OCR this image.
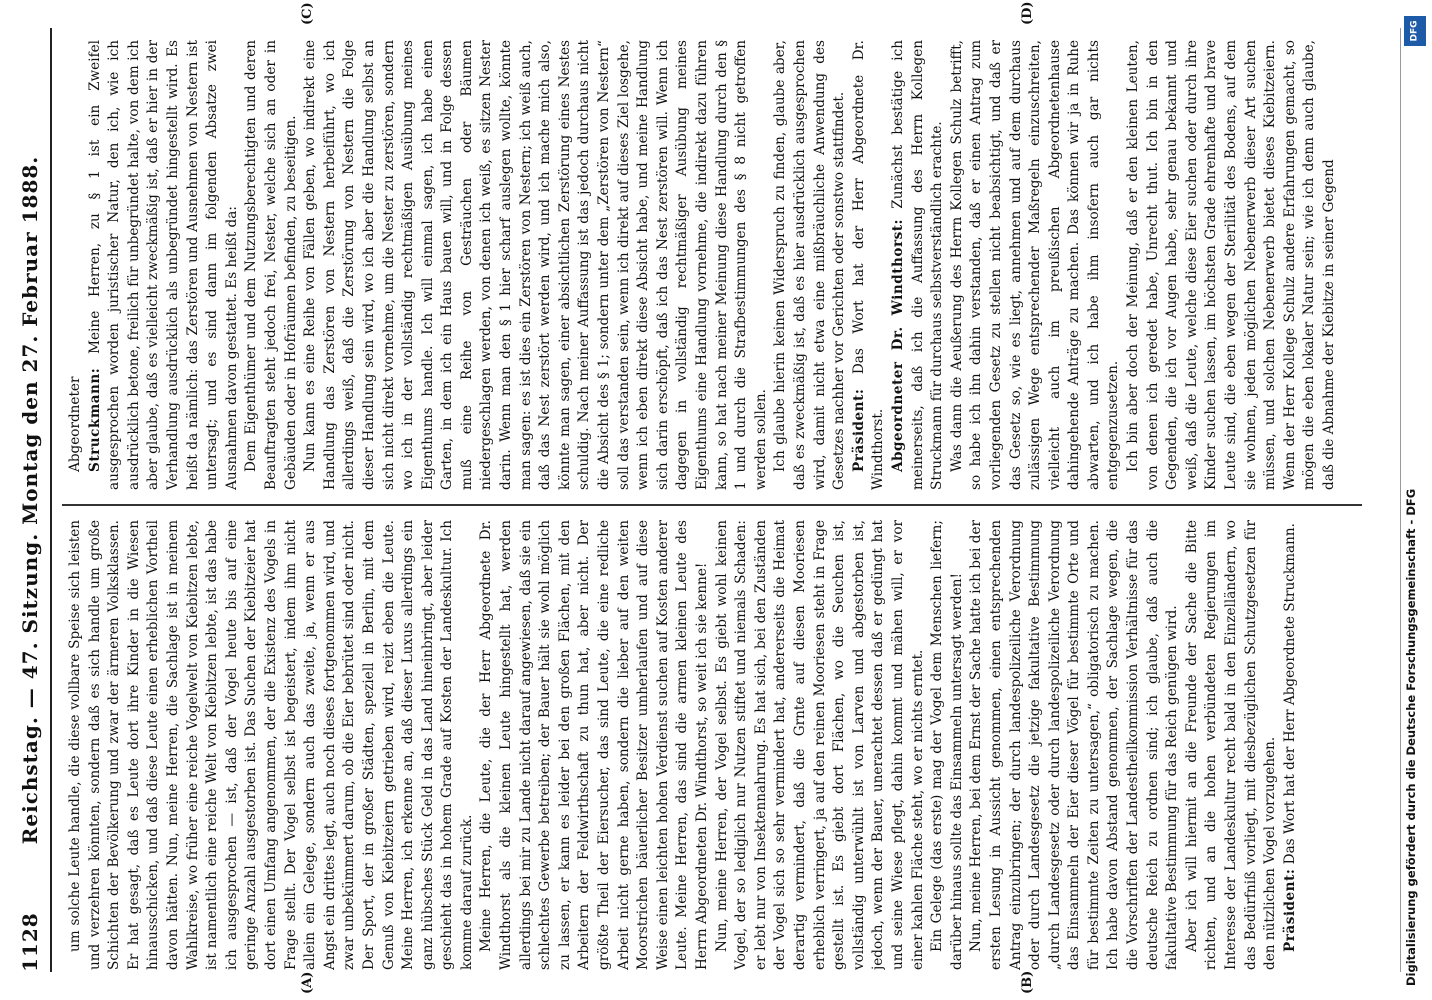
1128
Reichstag. — 47. Sitzung. Montag den 27. Februar 1888.
(A)	(B)
(C)	(D)

um solche Leute handle, die diese vollbare Speise sich leisten und verzehren könnten, sondern daß es sich handle um große Schichten der Bevölkerung und zwar der ärmeren Volksklassen. Er hat gesagt, daß es Leute dort ihre Kinder in die Wiesen hinausschicken, und daß diese Leute einen erheblichen Vortheil davon hätten. Nun, meine Herren, die Sachlage ist in meinem Wahlkreise, wo früher eine reiche Vogelwelt von Kiebitzen lebte, ist namentlich eine reiche Welt von Kiebitzen lebte, ist das habe ich ausgesprochen — ist, daß der Vogel heute bis auf eine geringe Anzahl ausgestorben ist. Das Suchen der Kiebitzeier hat dort einen Umfang angenommen, der die Existenz des Vogels in Frage stellt. Der Vogel selbst ist begeistert, indem ihm nicht allein ein Gelege, sondern auch das zweite, ja, wenn er aus Angst ein drittes legt, auch noch dieses fortgenommen wird, und zwar unbekümmert darum, ob die Eier bebrütet sind oder nicht. Der Sport, der in großer Städten, speziell in Berlin, mit dem Genuß von Kiebitzeiern getrieben wird, reizt eben die Leute. Meine Herren, ich erkenne an, daß dieser Luxus allerdings ein ganz hübsches Stück Geld in das Land hineinbringt, aber leider geschieht das in hohem Grade auf Kosten der Landeskultur. Ich komme darauf zurück. Meine Herren, die Leute, die der Herr Abgeordnete Dr. Windthorst als die kleinen Leute hingestellt hat, werden allerdings bei mir zu Lande nicht darauf angewiesen, daß sie ein schlechtes Gewerbe betreiben; der Bauer hält sie wohl möglich zu lassen, er kann es leider bei den großen Flächen, mit den Arbeitern der Feldwirthschaft zu thun hat, aber nicht. Der größte Theil der Eiersucher, das sind Leute, die eine redliche Arbeit nicht gerne haben, sondern die lieber auf den weiten Moorstrichen bäuerlicher Besitzer umherlaufen und auf diese Weise einen leichten hohen Verdienst suchen auf Kosten anderer Leute. Meine Herren, das sind die armen kleinen Leute des Herrn Abgeordneten Dr. Windthorst, so weit ich sie kenne! Nun, meine Herren, der Vogel selbst. Es giebt wohl keinen Vogel, der so lediglich nur Nutzen stiftet und niemals Schaden: er lebt nur von Insektennahrung. Es hat sich, bei den Zuständen der Vogel sich so sehr vermindert hat, andererseits die Heimat derartig vermindert, daß die Grnte auf diesen Mooriesen erheblich verringert, ja auf den reinen Mooriesen steht in Frage gestellt ist. Es giebt dort Flächen, wo die Seuchen ist, vollständig unterwühlt ist von Larven und abgestorben ist, jedoch, wenn der Bauer, unerachtet dessen daß er gedüngt hat und seine Wiese pflegt, dahin kommt und mähen will, er vor einer kahlen Fläche steht, wo er nichts erntet. Ein Gelege (das erste) mag der Vogel dem Menschen liefern; darüber hinaus sollte das Einsammeln untersagt werden! Nun, meine Herren, bei dem Ernst der Sache hatte ich bei der ersten Lesung in Aussicht genommen, einen entsprechenden Antrag einzubringen; der durch landespolizeiliche Verordnung oder durch Landesgesetz die jetzige fakultative Bestimmung „durch Landesgesetz oder durch landespolizeiliche Verordnung das Einsammeln der Eier dieser Vögel für bestimmte Orte und für bestimmte Zeiten zu untersagen,“ obligatorisch zu machen. Ich habe davon Abstand genommen, der Sachlage wegen, die die Vorschriften der Landestheilkommission Verhältnisse für das deutsche Reich zu ordnen sind; ich glaube, daß auch die fakultative Bestimmung für das Reich genügen wird. Aber ich will hiermit an die Freunde der Sache die Bitte richten, und an die hohen verbündeten Regierungen im Interesse der Landeskultur recht bald in den Einzelländern, wo das Bedürfniß vorliegt, mit diesbezüglichen Schutzgesetzen für den nützlichen Vogel vorzugehen. Präsident: Das Wort hat der Herr Abgeordnete Struckmann.

Abgeordneter Struckmann: Meine Herren, zu § 1 ist ein Zweifel ausgesprochen worden juristischer Natur, den ich, wie ich ausdrücklich betone, freilich für unbegründet halte, von dem ich aber glaube, daß es vielleicht zweckmäßig ist, daß er hier in der Verhandlung ausdrücklich als unbegründet hingestellt wird. Es heißt da nämlich: das Zerstören und Ausnehmen von Nestern ist untersagt; und es sind dann im folgenden Absatze zwei Ausnahmen davon gestattet. Es heißt da: Dem Eigenthümer und dem Nutzungsberechtigten und deren Beauftragten steht jedoch frei, Nester, welche sich an oder in Gebäuden oder in Hofräumen befinden, zu beseitigen. Nun kann es eine Reihe von Fällen geben, wo indirekt eine Handlung das Zerstören von Nestern herbeiführt, wo ich allerdings weiß, daß die Zerstörung von Nestern die Folge dieser Handlung sein wird, wo ich aber die Handlung selbst an sich nicht direkt vornehme, um die Nester zu zerstören, sondern wo ich in der vollständig rechtmäßigen Ausübung meines Eigenthums handle. Ich will einmal sagen, ich habe einen Garten, in dem ich ein Haus bauen will, und in Folge dessen muß eine Reihe von Gesträuchen oder Bäumen niedergeschlagen werden, von denen ich weiß, es sitzen Nester darin. Wenn man den § 1 hier scharf auslegen wollte, könnte man sagen: es ist dies ein Zerstören von Nestern; ich weiß auch, daß das Nest zerstört werden wird, und ich mache mich also, könnte man sagen, einer absichtlichen Zerstörung eines Nestes schuldig. Nach meiner Auffassung ist das jedoch durchaus nicht die Absicht des § 1; sondern unter dem „Zerstören von Nestern“ soll das verstanden sein, wenn ich direkt auf dieses Ziel losgehe, wenn ich eben direkt diese Absicht habe, und meine Handlung sich darin erschöpft, daß ich das Nest zerstören will. Wenn ich dagegen in vollständig rechtmäßiger Ausübung meines Eigenthums eine Handlung vornehme, die indirekt dazu führen kann, so hat nach meiner Meinung diese Handlung durch den § 1 und durch die Strafbestimmungen des § 8 nicht getroffen werden sollen. Ich glaube hierin keinen Widerspruch zu finden, glaube aber, daß es zweckmäßig ist, daß es hier ausdrücklich ausgesprochen wird, damit nicht etwa eine mißbräuchliche Anwendung des Gesetzes nachher vor Gerichten oder sonstwo stattfindet. Präsident: Das Wort hat der Herr Abgeordnete Dr. Windthorst. Abgeordneter Dr. Windthorst: Zunächst bestätige ich meinerseits, daß ich die Auffassung des Herrn Kollegen Struckmann für durchaus selbstverständlich erachte. Was dann die Aeußerung des Herrn Kollegen Schulz betrifft, so habe ich ihn dahin verstanden, daß er einen Antrag zum vorliegenden Gesetz zu stellen nicht beabsichtigt, und daß er das Gesetz so, wie es liegt, annehmen und auf dem durchaus zulässigen Wege entsprechender Maßregeln einzuschreiten, vielleicht auch im preußischen Abgeordnetenhause dahingehende Anträge zu machen. Das können wir ja in Ruhe abwarten, und ich habe ihm insofern auch gar nichts entgegenzusetzen. Ich bin aber doch der Meinung, daß er den kleinen Leuten, von denen ich geredet habe, Unrecht thut. Ich bin in den Gegenden, die ich vor Augen habe, sehr genau bekannt und weiß, daß die Leute, welche diese Eier suchen oder durch ihre Kinder suchen lassen, im höchsten Grade ehrenhafte und brave Leute sind, die eben wegen der Sterilität des Bodens, auf dem sie wohnen, jeden möglichen Nebenerwerb dieser Art suchen müssen, und solchen Nebenerwerb bietet dieses Kiebitzeiern. Wenn der Herr Kollege Schulz andere Erfahrungen gemacht, so mögen die eben lokaler Natur sein; wie ich denn auch glaube, daß die Abnahme der Kiebitze in seiner Gegend

Digitalisierung gefördert durch die Deutsche Forschungsgemeinschaft - DFG
DFG
